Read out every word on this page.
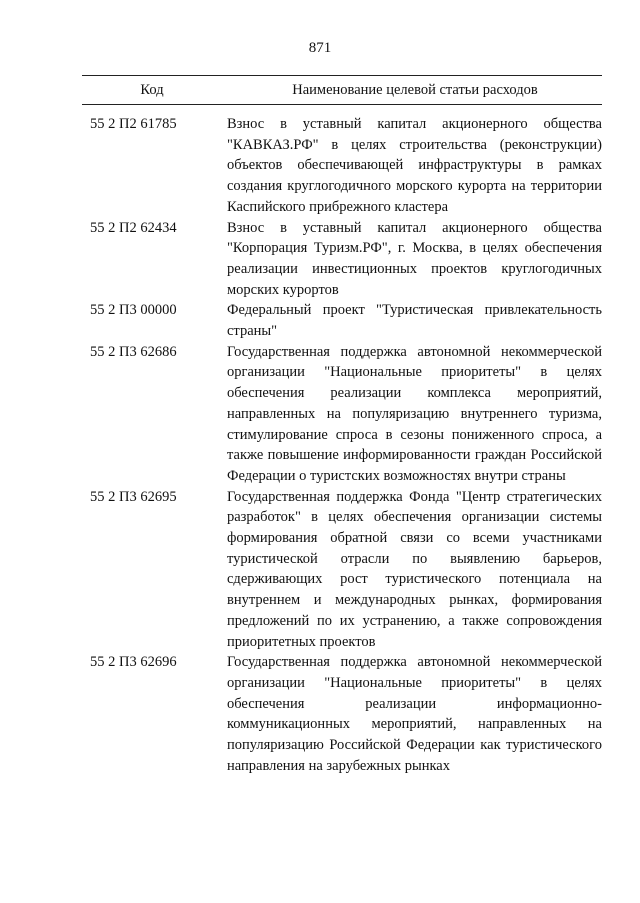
871
Код	Наименование целевой статьи расходов
55 2 П2 61785	Взнос в уставный капитал акционерного общества "КАВКАЗ.РФ" в целях строительства (реконструкции) объектов обеспечивающей инфраструктуры в рамках создания круглогодичного морского курорта на территории Каспийского прибрежного кластера
55 2 П2 62434	Взнос в уставный капитал акционерного общества "Корпорация Туризм.РФ", г. Москва, в целях обеспечения реализации инвестиционных проектов круглогодичных морских курортов
55 2 П3 00000	Федеральный проект "Туристическая привлекательность страны"
55 2 П3 62686	Государственная поддержка автономной некоммерческой организации "Национальные приоритеты" в целях обеспечения реализации комплекса мероприятий, направленных на популяризацию внутреннего туризма, стимулирование спроса в сезоны пониженного спроса, а также повышение информированности граждан Российской Федерации о туристских возможностях внутри страны
55 2 П3 62695	Государственная поддержка Фонда "Центр стратегических разработок" в целях обеспечения организации системы формирования обратной связи со всеми участниками туристической отрасли по выявлению барьеров, сдерживающих рост туристического потенциала на внутреннем и международных рынках, формирования предложений по их устранению, а также сопровождения приоритетных проектов
55 2 П3 62696	Государственная поддержка автономной некоммерческой организации "Национальные приоритеты" в целях обеспечения реализации информационно-коммуникационных мероприятий, направленных на популяризацию Российской Федерации как туристического направления на зарубежных рынках
